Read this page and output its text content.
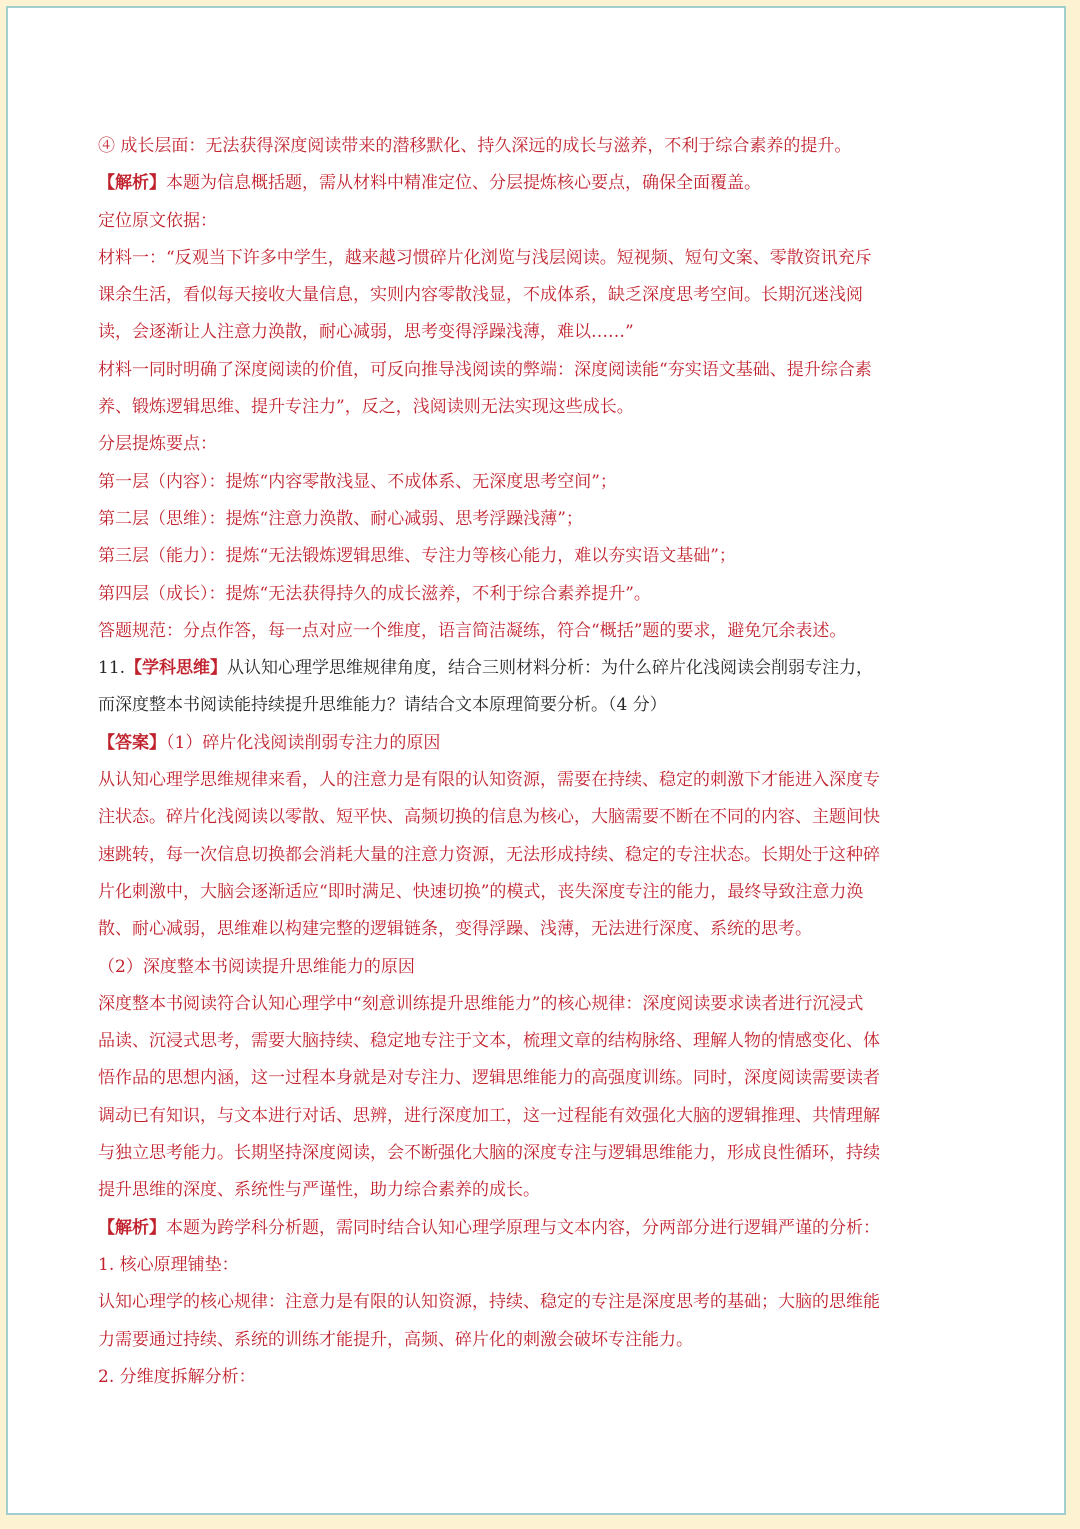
④ 成长层面：无法获得深度阅读带来的潜移默化、持久深远的成长与滋养，不利于综合素养的提升。
【解析】本题为信息概括题，需从材料中精准定位、分层提炼核心要点，确保全面覆盖。
定位原文依据：
材料一：“反观当下许多中学生，越来越习惯碎片化浏览与浅层阅读。短视频、短句文案、零散资讯充斥
课余生活，看似每天接收大量信息，实则内容零散浅显，不成体系，缺乏深度思考空间。长期沉迷浅阅
读，会逐渐让人注意力涣散，耐心减弱，思考变得浮躁浅薄，难以……”
材料一同时明确了深度阅读的价值，可反向推导浅阅读的弊端：深度阅读能“夯实语文基础、提升综合素
养、锻炼逻辑思维、提升专注力”，反之，浅阅读则无法实现这些成长。
分层提炼要点：
第一层（内容）：提炼“内容零散浅显、不成体系、无深度思考空间”；
第二层（思维）：提炼“注意力涣散、耐心减弱、思考浮躁浅薄”；
第三层（能力）：提炼“无法锻炼逻辑思维、专注力等核心能力，难以夯实语文基础”；
第四层（成长）：提炼“无法获得持久的成长滋养，不利于综合素养提升”。
答题规范：分点作答，每一点对应一个维度，语言简洁凝练，符合“概括”题的要求，避免冗余表述。
11.【学科思维】从认知心理学思维规律角度，结合三则材料分析：为什么碎片化浅阅读会削弱专注力，
而深度整本书阅读能持续提升思维能力？请结合文本原理简要分析。（4 分）
【答案】（1）碎片化浅阅读削弱专注力的原因
从认知心理学思维规律来看，人的注意力是有限的认知资源，需要在持续、稳定的刺激下才能进入深度专
注状态。碎片化浅阅读以零散、短平快、高频切换的信息为核心，大脑需要不断在不同的内容、主题间快
速跳转，每一次信息切换都会消耗大量的注意力资源，无法形成持续、稳定的专注状态。长期处于这种碎
片化刺激中，大脑会逐渐适应“即时满足、快速切换”的模式，丧失深度专注的能力，最终导致注意力涣
散、耐心减弱，思维难以构建完整的逻辑链条，变得浮躁、浅薄，无法进行深度、系统的思考。
（2）深度整本书阅读提升思维能力的原因
深度整本书阅读符合认知心理学中“刻意训练提升思维能力”的核心规律：深度阅读要求读者进行沉浸式
品读、沉浸式思考，需要大脑持续、稳定地专注于文本，梳理文章的结构脉络、理解人物的情感变化、体
悟作品的思想内涵，这一过程本身就是对专注力、逻辑思维能力的高强度训练。同时，深度阅读需要读者
调动已有知识，与文本进行对话、思辨，进行深度加工，这一过程能有效强化大脑的逻辑推理、共情理解
与独立思考能力。长期坚持深度阅读，会不断强化大脑的深度专注与逻辑思维能力，形成良性循环，持续
提升思维的深度、系统性与严谨性，助力综合素养的成长。
【解析】本题为跨学科分析题，需同时结合认知心理学原理与文本内容，分两部分进行逻辑严谨的分析：
1. 核心原理铺垫：
认知心理学的核心规律：注意力是有限的认知资源，持续、稳定的专注是深度思考的基础；大脑的思维能
力需要通过持续、系统的训练才能提升，高频、碎片化的刺激会破坏专注能力。
2. 分维度拆解分析：
